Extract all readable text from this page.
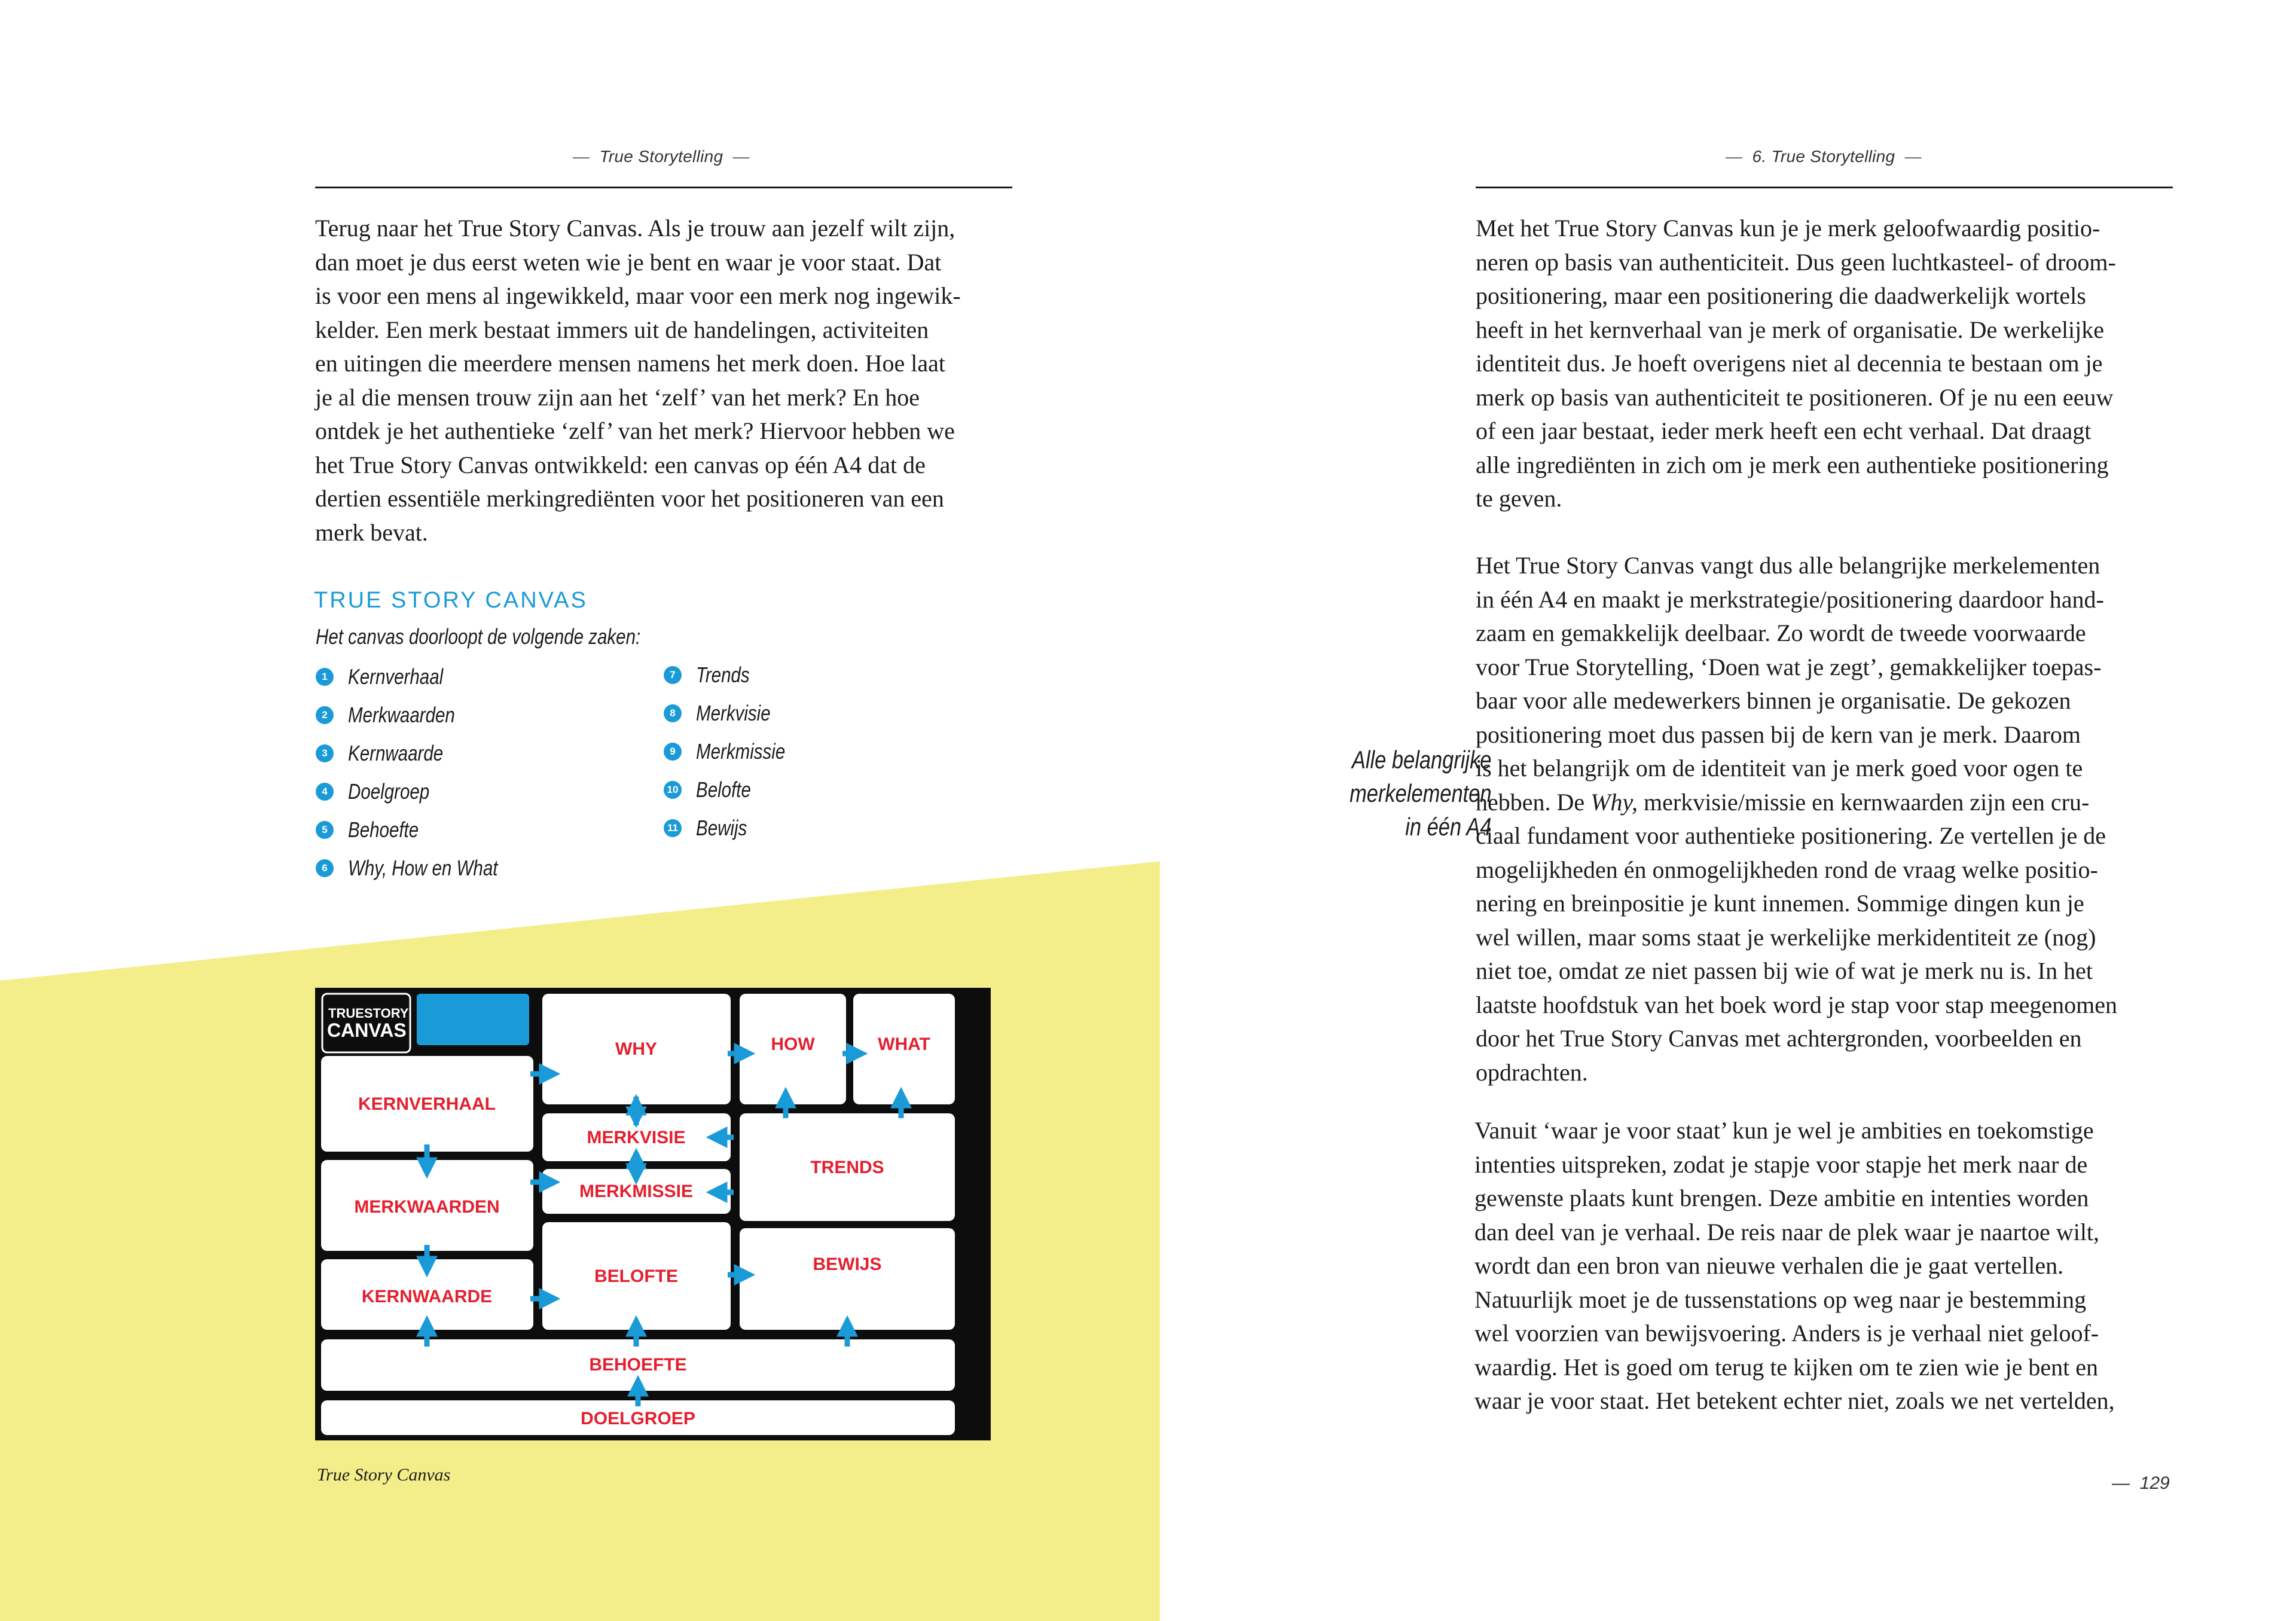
— True Storytelling —
Terug naar het True Story Canvas. Als je trouw aan jezelf wilt zijn,
dan moet je dus eerst weten wie je bent en waar je voor staat. Dat
is voor een mens al ingewikkeld, maar voor een merk nog ingewik-
kelder. Een merk bestaat immers uit de handelingen, activiteiten
en uitingen die meerdere mensen namens het merk doen. Hoe laat
je al die mensen trouw zijn aan het ‘zelf’ van het merk? En hoe
ontdek je het authentieke ‘zelf’ van het merk? Hiervoor hebben we
het True Story Canvas ontwikkeld: een canvas op één A4 dat de
dertien essentiële merkingrediënten voor het positioneren van een
merk bevat.
TRUE STORY CANVAS
Het canvas doorloopt de volgende zaken:
1 Kernverhaal
2 Merkwaarden
3 Kernwaarde
4 Doelgroep
5 Behoefte
6 Why, How en What
7 Trends
8 Merkvisie
9 Merkmissie
10 Belofte
11 Bewijs
TRUESTORY
CANVAS
WHY	HOW	WHAT
KERNVERHAAL
MERKVISIE
TRENDS
MERKMISSIE
MERKWAARDEN
BELOFTE
BEWIJS
KERNWAARDE
BEHOEFTE
DOELGROEP
True Story Canvas
— 6. True Storytelling —
Met het True Story Canvas kun je je merk geloofwaardig positio-
neren op basis van authenticiteit. Dus geen luchtkasteel- of droom-
positionering, maar een positionering die daadwerkelijk wortels
heeft in het kernverhaal van je merk of organisatie. De werkelijke
identiteit dus. Je hoeft overigens niet al decennia te bestaan om je
merk op basis van authenticiteit te positioneren. Of je nu een eeuw
of een jaar bestaat, ieder merk heeft een echt verhaal. Dat draagt
alle ingrediënten in zich om je merk een authentieke positionering
te geven.
Het True Story Canvas vangt dus alle belangrijke merkelementen
in één A4 en maakt je merkstrategie/positionering daardoor hand-
zaam en gemakkelijk deelbaar. Zo wordt de tweede voorwaarde
voor True Storytelling, ‘Doen wat je zegt’, gemakkelijker toepas-
baar voor alle medewerkers binnen je organisatie. De gekozen
positionering moet dus passen bij de kern van je merk. Daarom
is het belangrijk om de identiteit van je merk goed voor ogen te
hebben. De Why, merkvisie/missie en kernwaarden zijn een cru-
ciaal fundament voor authentieke positionering. Ze vertellen je de
mogelijkheden én onmogelijkheden rond de vraag welke positio-
nering en breinpositie je kunt innemen. Sommige dingen kun je
wel willen, maar soms staat je werkelijke merkidentiteit ze (nog)
niet toe, omdat ze niet passen bij wie of wat je merk nu is. In het
laatste hoofdstuk van het boek word je stap voor stap meegenomen
door het True Story Canvas met achtergronden, voorbeelden en
opdrachten.
Vanuit ‘waar je voor staat’ kun je wel je ambities en toekomstige
intenties uitspreken, zodat je stapje voor stapje het merk naar de
gewenste plaats kunt brengen. Deze ambitie en intenties worden
dan deel van je verhaal. De reis naar de plek waar je naartoe wilt,
wordt dan een bron van nieuwe verhalen die je gaat vertellen.
Natuurlijk moet je de tussenstations op weg naar je bestemming
wel voorzien van bewijsvoering. Anders is je verhaal niet geloof-
waardig. Het is goed om terug te kijken om te zien wie je bent en
waar je voor staat. Het betekent echter niet, zoals we net vertelden,
Alle belangrijke
merkelementen
in één A4
— 129
